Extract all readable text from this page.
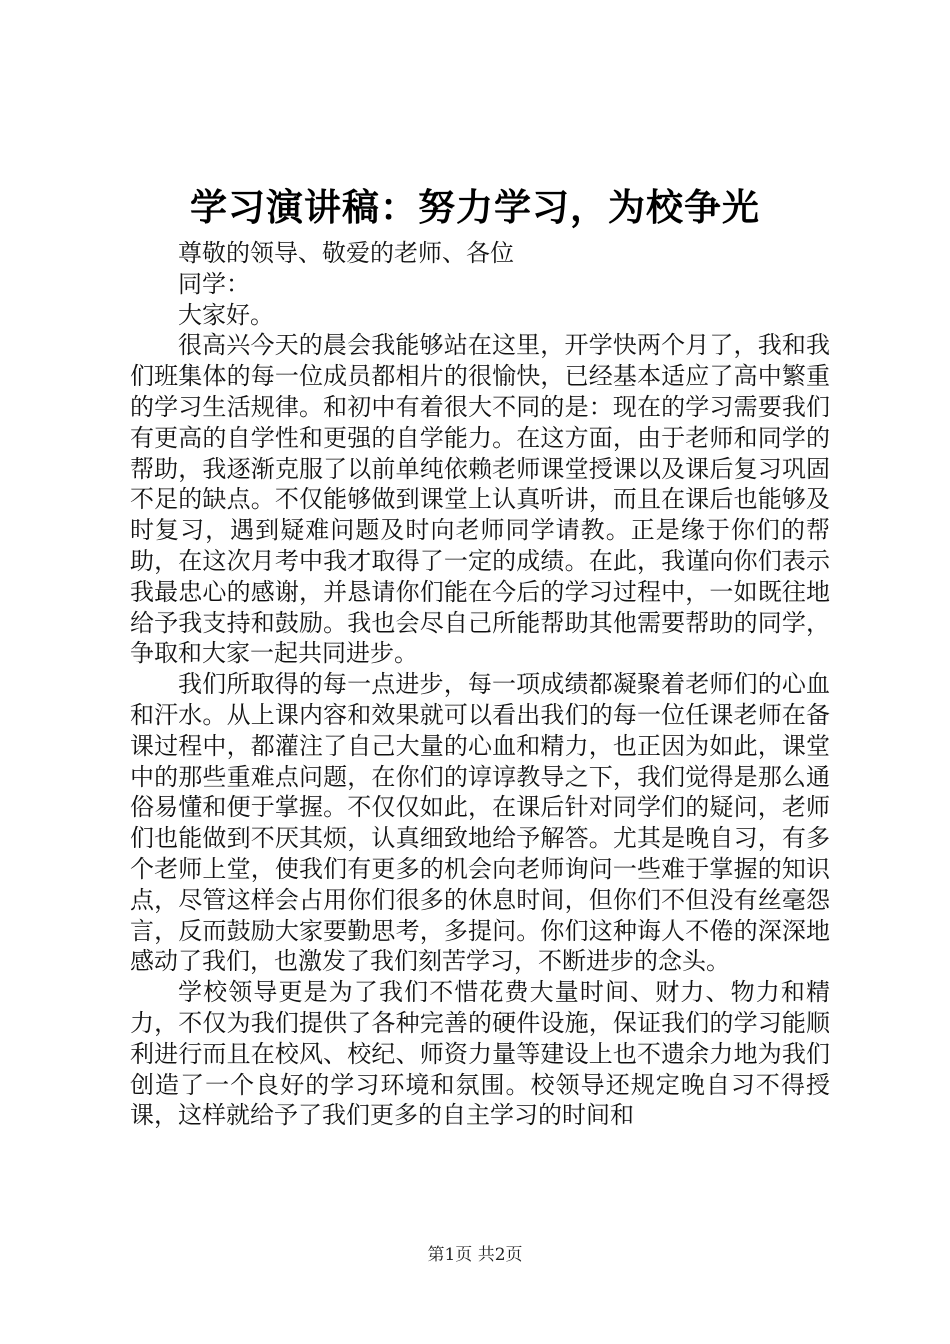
学习演讲稿：努力学习，为校争光

尊敬的领导、敬爱的老师、各位

同学：

大家好。

很高兴今天的晨会我能够站在这里，开学快两个月了，我和我们班集体的每一位成员都相片的很愉快，已经基本适应了高中繁重的学习生活规律。和初中有着很大不同的是：现在的学习需要我们有更高的自学性和更强的自学能力。在这方面，由于老师和同学的帮助，我逐渐克服了以前单纯依赖老师课堂授课以及课后复习巩固不足的缺点。不仅能够做到课堂上认真听讲，而且在课后也能够及时复习，遇到疑难问题及时向老师同学请教。正是缘于你们的帮助，在这次月考中我才取得了一定的成绩。在此，我谨向你们表示我最忠心的感谢，并恳请你们能在今后的学习过程中，一如既往地给予我支持和鼓励。我也会尽自己所能帮助其他需要帮助的同学，争取和大家一起共同进步。

我们所取得的每一点进步，每一项成绩都凝聚着老师们的心血和汗水。从上课内容和效果就可以看出我们的每一位任课老师在备课过程中，都灌注了自己大量的心血和精力，也正因为如此，课堂中的那些重难点问题，在你们的谆谆教导之下，我们觉得是那么通俗易懂和便于掌握。不仅仅如此，在课后针对同学们的疑问，老师们也能做到不厌其烦，认真细致地给予解答。尤其是晚自习，有多个老师上堂，使我们有更多的机会向老师询问一些难于掌握的知识点，尽管这样会占用你们很多的休息时间，但你们不但没有丝毫怨言，反而鼓励大家要勤思考，多提问。你们这种诲人不倦的深深地感动了我们，也激发了我们刻苦学习，不断进步的念头。

学校领导更是为了我们不惜花费大量时间、财力、物力和精力，不仅为我们提供了各种完善的硬件设施，保证我们的学习能顺利进行而且在校风、校纪、师资力量等建设上也不遗余力地为我们创造了一个良好的学习环境和氛围。校领导还规定晚自习不得授课，这样就给予了我们更多的自主学习的时间和

第1页 共2页
